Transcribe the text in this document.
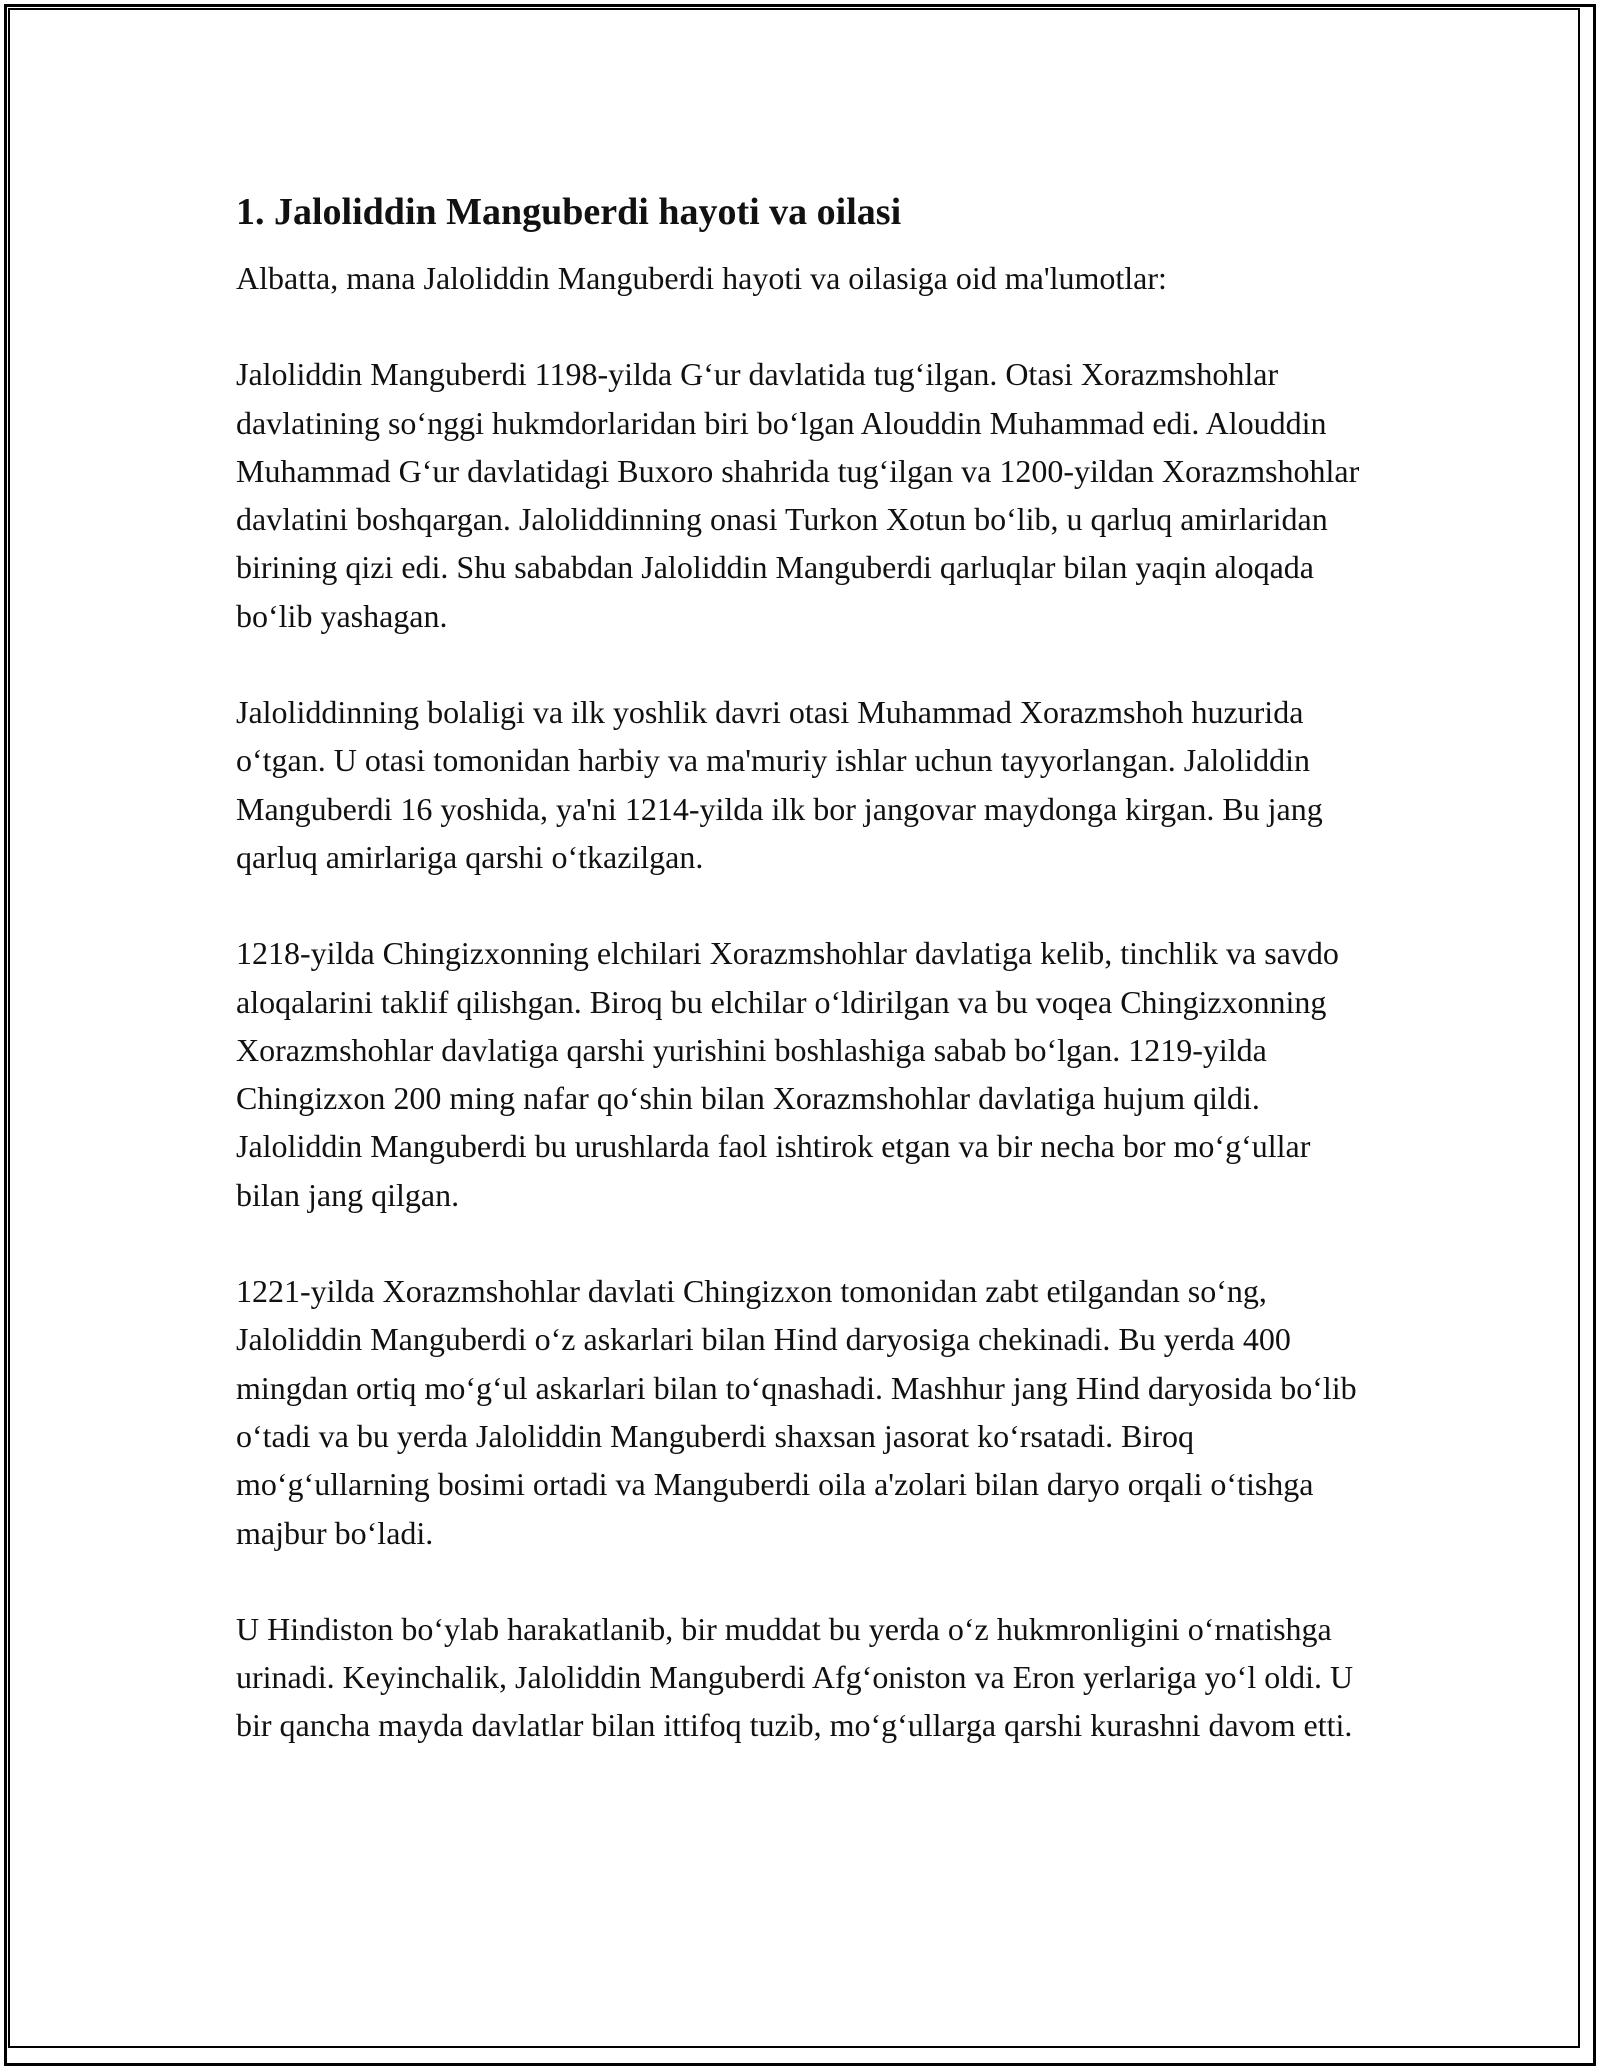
1. Jaloliddin Manguberdi hayoti va oilasi

Albatta, mana Jaloliddin Manguberdi hayoti va oilasiga oid ma'lumotlar:

Jaloliddin Manguberdi 1198-yilda G‘ur davlatida tug‘ilgan. Otasi Xorazmshohlar davlatining so‘nggi hukmdorlaridan biri bo‘lgan Alouddin Muhammad edi. Alouddin Muhammad G‘ur davlatidagi Buxoro shahrida tug‘ilgan va 1200-yildan Xorazmshohlar davlatini boshqargan. Jaloliddinning onasi Turkon Xotun bo‘lib, u qarluq amirlaridan birining qizi edi. Shu sababdan Jaloliddin Manguberdi qarluqlar bilan yaqin aloqada bo‘lib yashagan.

Jaloliddinning bolaligi va ilk yoshlik davri otasi Muhammad Xorazmshoh huzurida o‘tgan. U otasi tomonidan harbiy va ma'muriy ishlar uchun tayyorlangan. Jaloliddin Manguberdi 16 yoshida, ya'ni 1214-yilda ilk bor jangovar maydonga kirgan. Bu jang qarluq amirlariga qarshi o‘tkazilgan.

1218-yilda Chingizxonning elchilari Xorazmshohlar davlatiga kelib, tinchlik va savdo aloqalarini taklif qilishgan. Biroq bu elchilar o‘ldirilgan va bu voqea Chingizxonning Xorazmshohlar davlatiga qarshi yurishini boshlashiga sabab bo‘lgan. 1219-yilda Chingizxon 200 ming nafar qo‘shin bilan Xorazmshohlar davlatiga hujum qildi. Jaloliddin Manguberdi bu urushlarda faol ishtirok etgan va bir necha bor mo‘g‘ullar bilan jang qilgan.

1221-yilda Xorazmshohlar davlati Chingizxon tomonidan zabt etilgandan so‘ng, Jaloliddin Manguberdi o‘z askarlari bilan Hind daryosiga chekinadi. Bu yerda 400 mingdan ortiq mo‘g‘ul askarlari bilan to‘qnashadi. Mashhur jang Hind daryosida bo‘lib o‘tadi va bu yerda Jaloliddin Manguberdi shaxsan jasorat ko‘rsatadi. Biroq mo‘g‘ullarning bosimi ortadi va Manguberdi oila a'zolari bilan daryo orqali o‘tishga majbur bo‘ladi.

U Hindiston bo‘ylab harakatlanib, bir muddat bu yerda o‘z hukmronligini o‘rnatishga urinadi. Keyinchalik, Jaloliddin Manguberdi Afg‘oniston va Eron yerlariga yo‘l oldi. U bir qancha mayda davlatlar bilan ittifoq tuzib, mo‘g‘ullarga qarshi kurashni davom etti.
